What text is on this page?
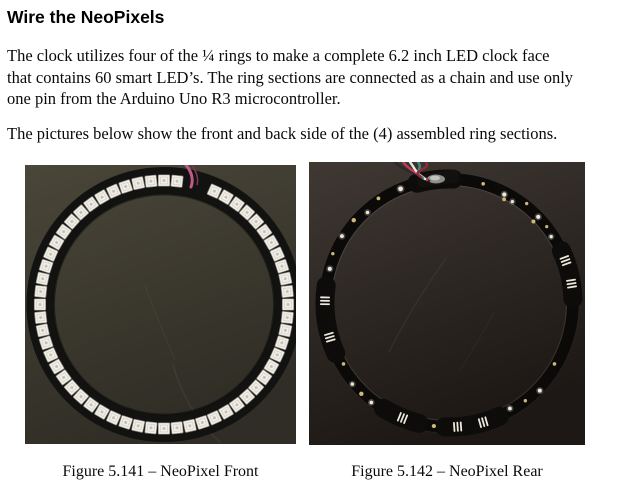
Wire the NeoPixels
The clock utilizes four of the ¼ rings to make a complete 6.2 inch LED clock face
that contains 60 smart LED’s. The ring sections are connected as a chain and use only
one pin from the Arduino Uno R3 microcontroller.
The pictures below show the front and back side of the (4) assembled ring sections.
Figure 5.141 – NeoPixel Front	Figure 5.142 – NeoPixel Rear
